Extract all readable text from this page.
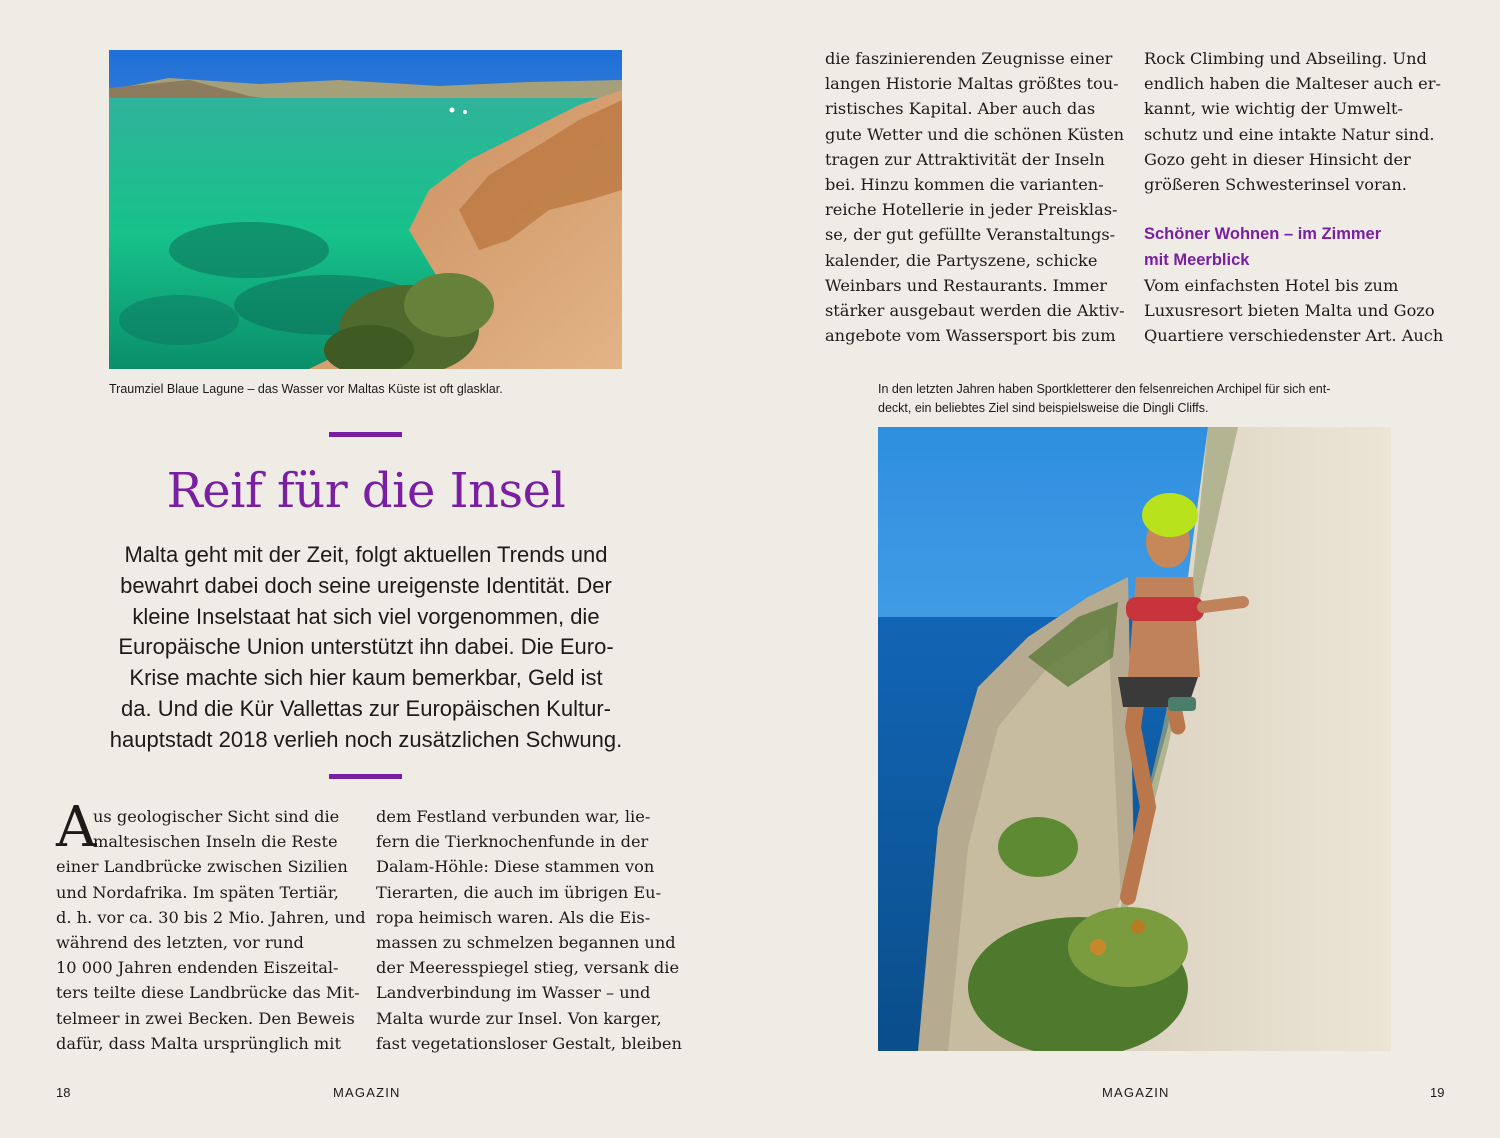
Traumziel Blaue Lagune – das Wasser vor Maltas Küste ist oft glasklar.
Reif für die Insel
Malta geht mit der Zeit, folgt aktuellen Trends und
bewahrt dabei doch seine ureigenste Identität. Der
kleine Inselstaat hat sich viel vorgenommen, die
Europäische Union unterstützt ihn dabei. Die Euro-
Krise machte sich hier kaum bemerkbar, Geld ist
da. Und die Kür Vallettas zur Europäischen Kultur-
hauptstadt 2018 verlieh noch zusätzlichen Schwung.
A
us geologischer Sicht sind die
maltesischen Inseln die Reste
einer Landbrücke zwischen Sizilien
und Nordafrika. Im späten Tertiär,
d. h. vor ca. 30 bis 2 Mio. Jahren, und
während des letzten, vor rund
10 000 Jahren endenden Eiszeital-
ters teilte diese Landbrücke das Mit-
telmeer in zwei Becken. Den Beweis
dafür, dass Malta ursprünglich mit
dem Festland verbunden war, lie-
fern die Tierknochenfunde in der
Dalam-Höhle: Diese stammen von
Tierarten, die auch im übrigen Eu-
ropa heimisch waren. Als die Eis-
massen zu schmelzen begannen und
der Meeresspiegel stieg, versank die
Landverbindung im Wasser – und
Malta wurde zur Insel. Von karger,
fast vegetationsloser Gestalt, bleiben
18	MAGAZIN
die faszinierenden Zeugnisse einer
langen Historie Maltas größtes tou-
ristisches Kapital. Aber auch das
gute Wetter und die schönen Küsten
tragen zur Attraktivität der Inseln
bei. Hinzu kommen die varianten-
reiche Hotellerie in jeder Preisklas-
se, der gut gefüllte Veranstaltungs-
kalender, die Partyszene, schicke
Weinbars und Restaurants. Immer
stärker ausgebaut werden die Aktiv-
angebote vom Wassersport bis zum
Rock Climbing und Abseiling. Und
endlich haben die Malteser auch er-
kannt, wie wichtig der Umwelt-
schutz und eine intakte Natur sind.
Gozo geht in dieser Hinsicht der
größeren Schwesterinsel voran.
Schöner Wohnen – im Zimmer
mit Meerblick
Vom einfachsten Hotel bis zum
Luxusresort bieten Malta und Gozo
Quartiere verschiedenster Art. Auch
In den letzten Jahren haben Sportkletterer den felsenreichen Archipel für sich ent-
deckt, ein beliebtes Ziel sind beispielsweise die Dingli Cliffs.
MAGAZIN	19
